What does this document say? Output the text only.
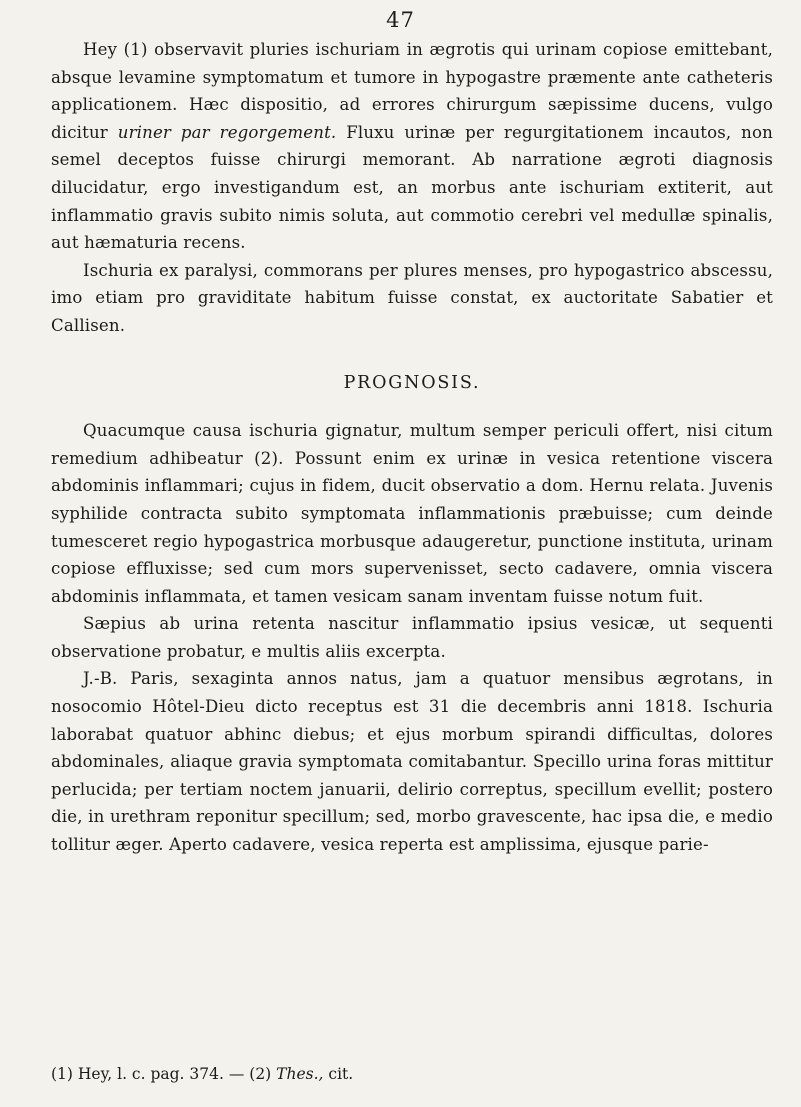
47

Hey (1) observavit pluries ischuriam in ægrotis qui urinam copiose emittebant, absque levamine symptomatum et tumore in hypogastre præmente ante catheteris applicationem. Hæc dispositio, ad errores chirurgum sæpissime ducens, vulgo dicitur uriner par regorgement. Fluxu urinæ per regurgitationem incautos, non semel deceptos fuisse chirurgi memorant. Ab narratione ægroti diagnosis dilucidatur, ergo investigandum est, an morbus ante ischuriam extiterit, aut inflammatio gravis subito nimis soluta, aut commotio cerebri vel medullæ spinalis, aut hæmaturia recens.

Ischuria ex paralysi, commorans per plures menses, pro hypogastrico abscessu, imo etiam pro graviditate habitum fuisse constat, ex auctoritate Sabatier et Callisen.

PROGNOSIS.

Quacumque causa ischuria gignatur, multum semper periculi offert, nisi citum remedium adhibeatur (2). Possunt enim ex urinæ in vesica retentione viscera abdominis inflammari; cujus in fidem, ducit observatio a dom. Hernu relata. Juvenis syphilide contracta subito symptomata inflammationis præbuisse; cum deinde tumesceret regio hypogastrica morbusque adaugeretur, punctione instituta, urinam copiose effluxisse; sed cum mors supervenisset, secto cadavere, omnia viscera abdominis inflammata, et tamen vesicam sanam inventam fuisse notum fuit.

Sæpius ab urina retenta nascitur inflammatio ipsius vesicæ, ut sequenti observatione probatur, e multis aliis excerpta.

J.-B. Paris, sexaginta annos natus, jam a quatuor mensibus ægrotans, in nosocomio Hôtel-Dieu dicto receptus est 31 die decembris anni 1818. Ischuria laborabat quatuor abhinc diebus; et ejus morbum spirandi difficultas, dolores abdominales, aliaque gravia symptomata comitabantur. Specillo urina foras mittitur perlucida; per tertiam noctem januarii, delirio correptus, specillum evellit; postero die, in urethram reponitur specillum; sed, morbo gravescente, hac ipsa die, e medio tollitur æger. Aperto cadavere, vesica reperta est amplissima, ejusque parie-

(1) Hey, l. c. pag. 374. — (2) Thes., cit.
